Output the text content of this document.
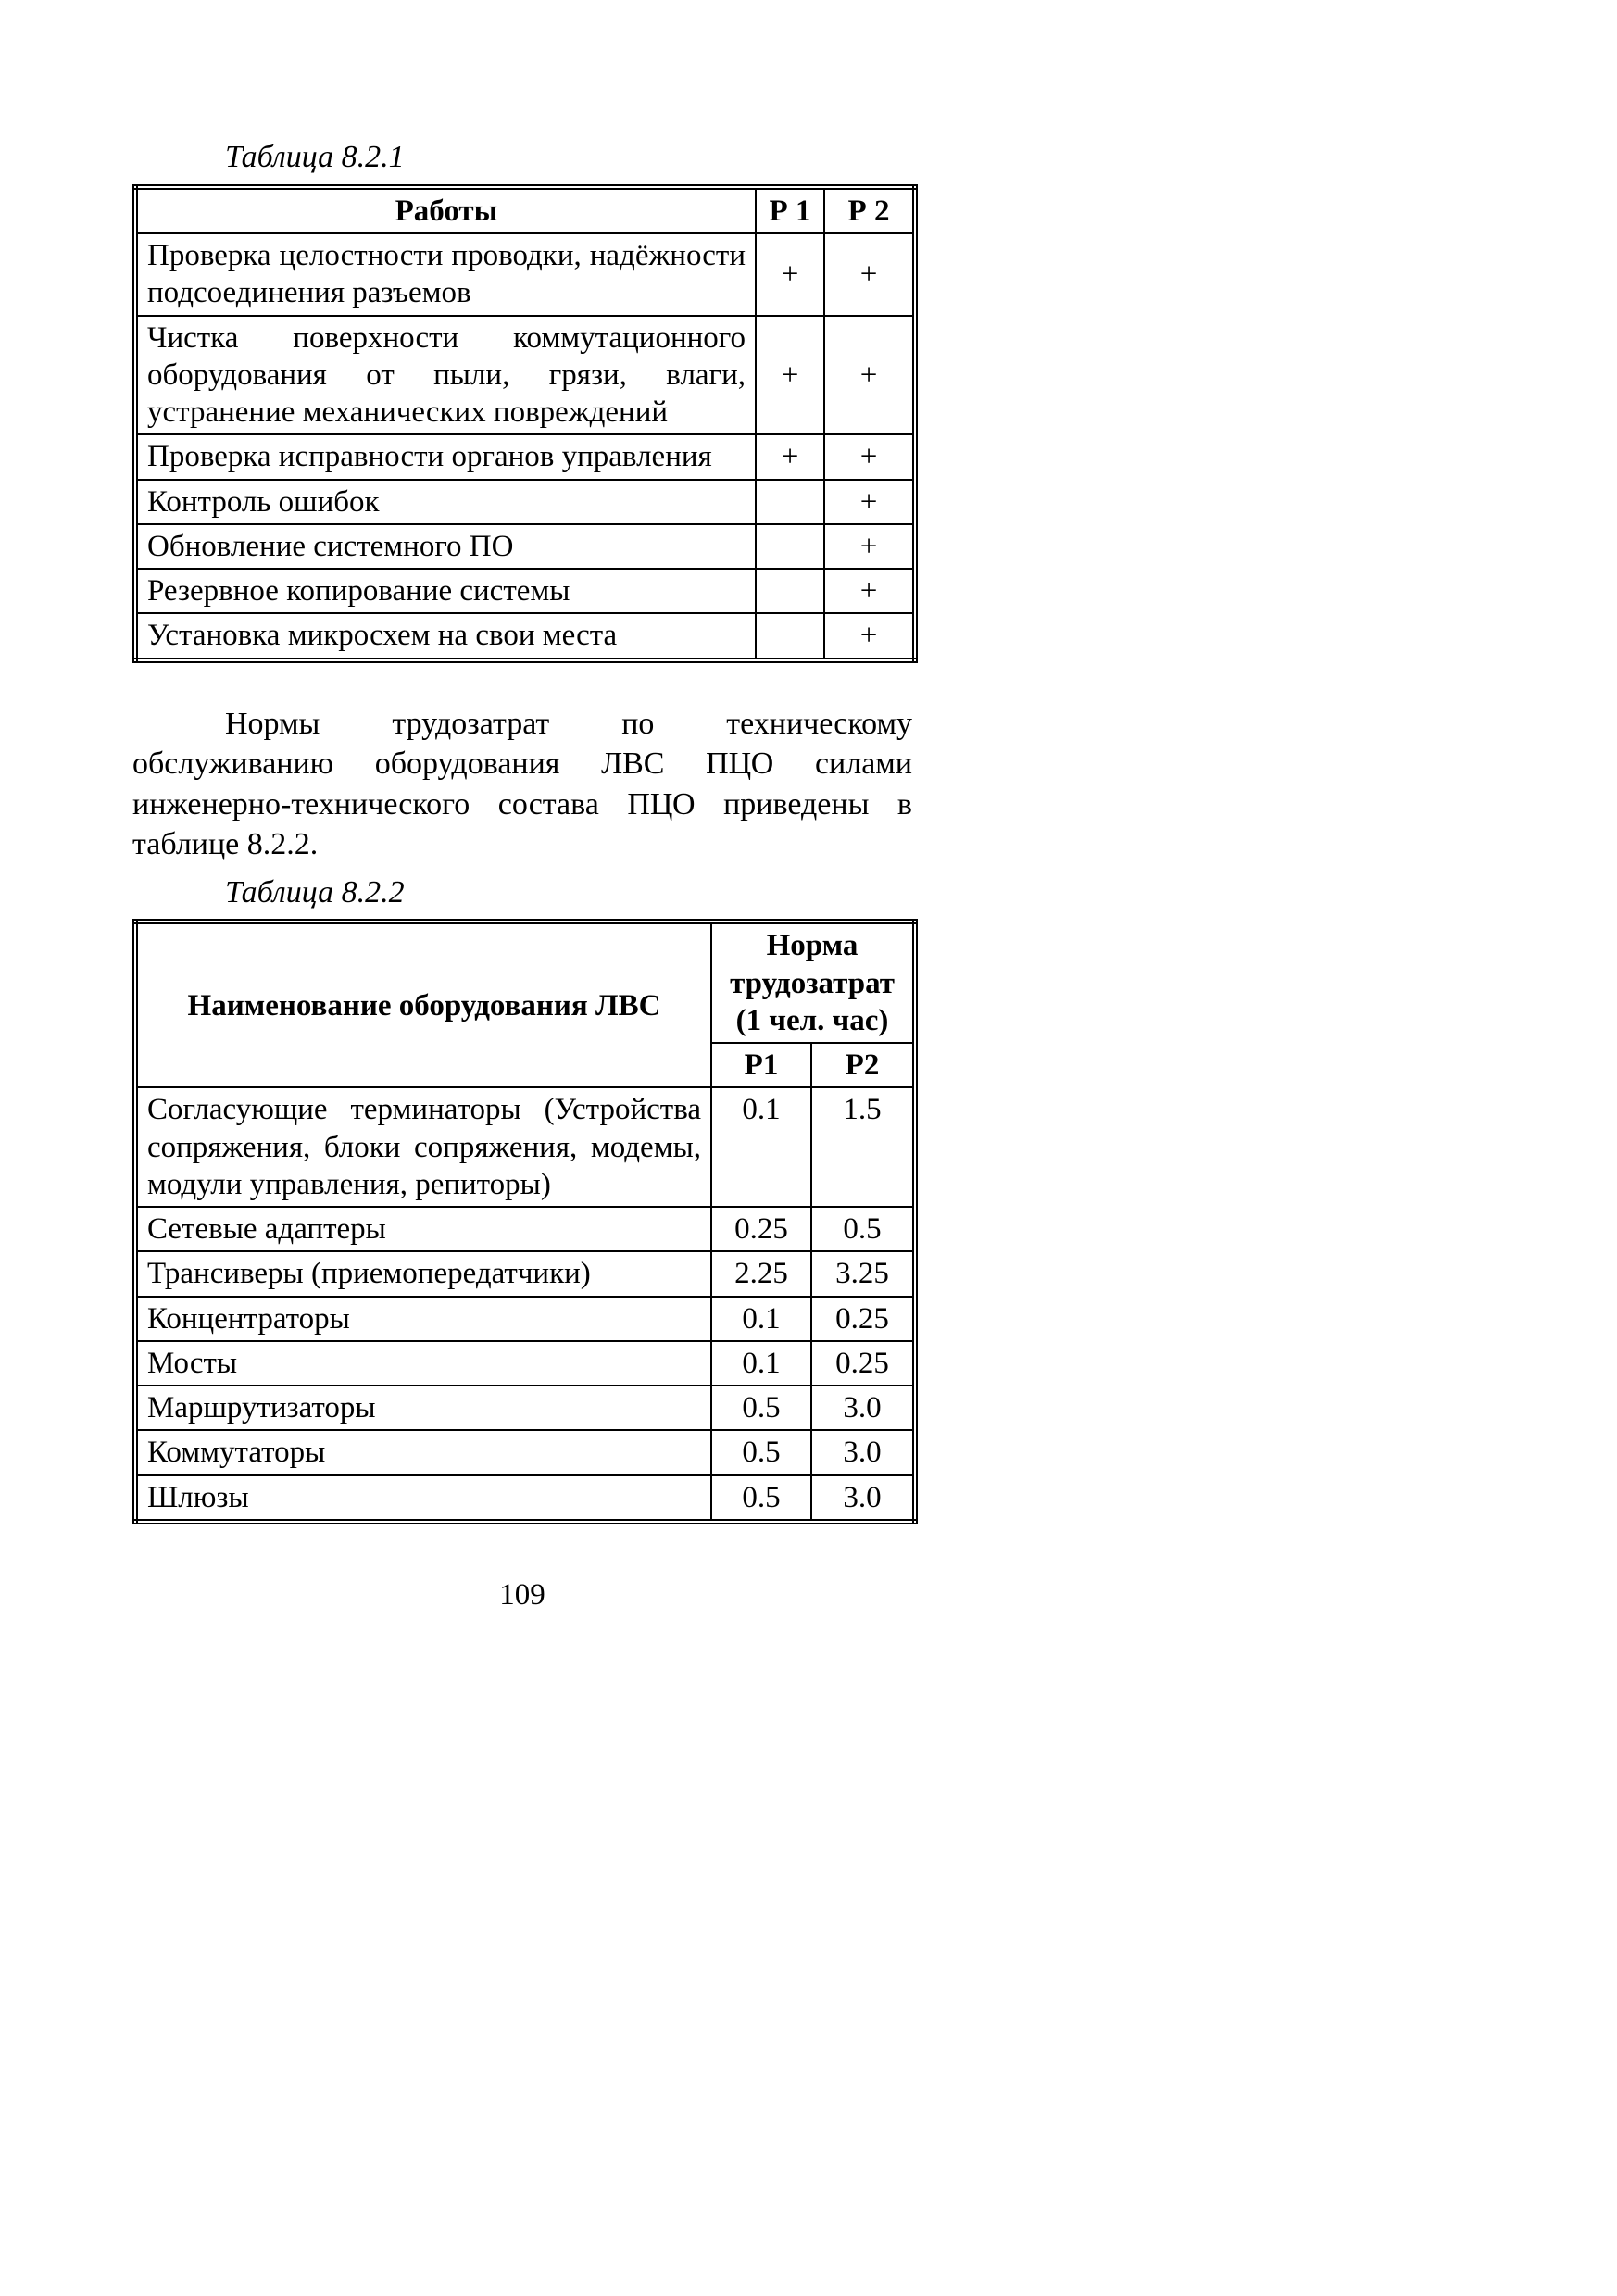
Таблица 8.2.1

Работы	Р 1	Р 2
Проверка целостности проводки, надёжности подсоединения разъемов	+	+
Чистка поверхности коммутационного оборудования от пыли, грязи, влаги, устранение механических повреждений	+	+
Проверка исправности органов управления	+	+
Контроль ошибок		+
Обновление системного ПО		+
Резервное копирование системы		+
Установка микросхем на свои места		+

Нормы трудозатрат по техническому обслуживанию оборудования ЛВС ПЦО силами инженерно-технического состава ПЦО приведены в таблице 8.2.2.

Таблица 8.2.2

Наименование оборудования ЛВС	Норма трудозатрат (1 чел. час)	
	Р1	Р2
Согласующие терминаторы (Устройства сопряжения, блоки сопряжения, модемы, модули управления, репиторы)	0.1	1.5
Сетевые адаптеры	0.25	0.5
Трансиверы (приемопередатчики)	2.25	3.25
Концентраторы	0.1	0.25
Мосты	0.1	0.25
Маршрутизаторы	0.5	3.0
Коммутаторы	0.5	3.0
Шлюзы	0.5	3.0
109
